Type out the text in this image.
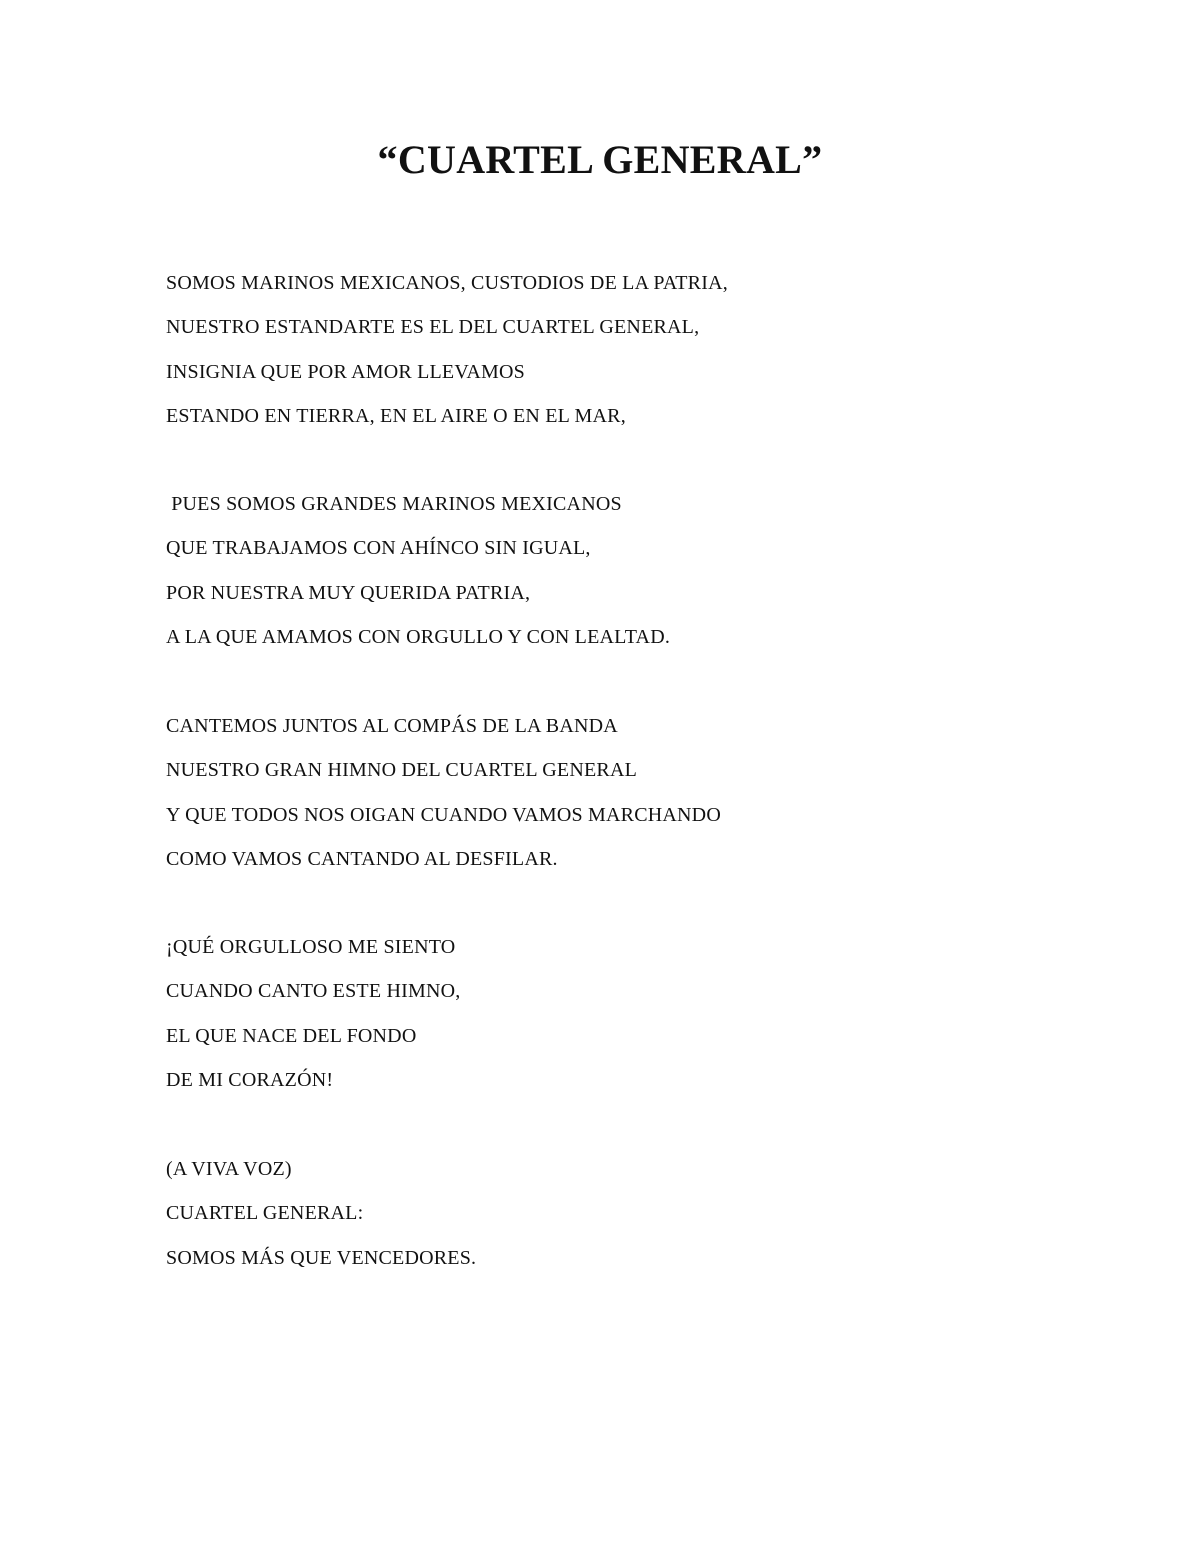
“CUARTEL GENERAL”
SOMOS MARINOS MEXICANOS, CUSTODIOS DE LA PATRIA,
NUESTRO ESTANDARTE ES EL DEL CUARTEL GENERAL,
INSIGNIA QUE POR AMOR LLEVAMOS
ESTANDO EN TIERRA, EN EL AIRE O EN EL MAR,
PUES SOMOS GRANDES MARINOS MEXICANOS
QUE TRABAJAMOS CON AHÍNCO SIN IGUAL,
POR NUESTRA MUY QUERIDA PATRIA,
A LA QUE AMAMOS CON ORGULLO Y CON LEALTAD.
CANTEMOS JUNTOS AL COMPÁS DE LA BANDA
NUESTRO GRAN HIMNO DEL CUARTEL GENERAL
Y QUE TODOS NOS OIGAN CUANDO VAMOS MARCHANDO
COMO VAMOS CANTANDO AL DESFILAR.
¡QUÉ ORGULLOSO ME SIENTO
CUANDO CANTO ESTE HIMNO,
EL QUE NACE DEL FONDO
DE MI CORAZÓN!
(A VIVA VOZ)
CUARTEL GENERAL:
SOMOS MÁS QUE VENCEDORES.
